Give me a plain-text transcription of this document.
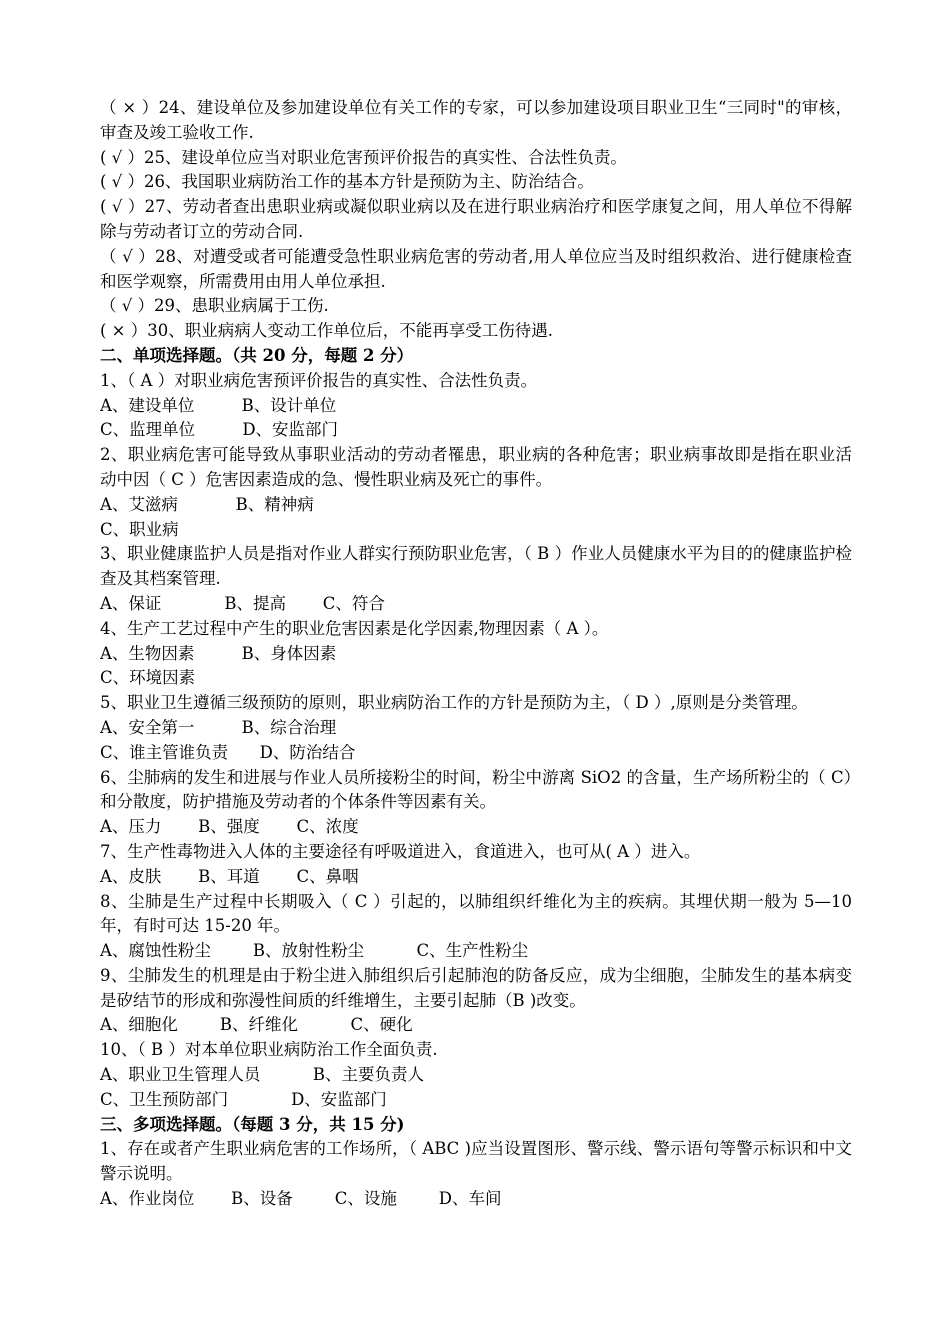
（ × ）24、建设单位及参加建设单位有关工作的专家，可以参加建设项目职业卫生“三同时"的审核，审查及竣工验收工作.
( √ ）25、建设单位应当对职业危害预评价报告的真实性、合法性负责。
( √ ）26、我国职业病防治工作的基本方针是预防为主、防治结合。
( √ ）27、劳动者查出患职业病或凝似职业病以及在进行职业病治疗和医学康复之间，用人单位不得解除与劳动者订立的劳动合同.
（ √ ）28、对遭受或者可能遭受急性职业病危害的劳动者,用人单位应当及时组织救治、进行健康检查和医学观察，所需费用由用人单位承担.
（ √ ）29、患职业病属于工伤.
( × ）30、职业病病人变动工作单位后，不能再享受工伤待遇.
二、单项选择题。（共 20 分，每题 2 分）
1、（ A ）对职业病危害预评价报告的真实性、合法性负责。
A、建设单位         B、设计单位
C、监理单位         D、安监部门
2、职业病危害可能导致从事职业活动的劳动者罹患，职业病的各种危害；职业病事故即是指在职业活动中因（ C ）危害因素造成的急、慢性职业病及死亡的事件。
A、艾滋病           B、精神病
C、职业病
3、职业健康监护人员是指对作业人群实行预防职业危害，（ B ）作业人员健康水平为目的的健康监护检查及其档案管理.
A、保证            B、提高       C、符合
4、生产工艺过程中产生的职业危害因素是化学因素,物理因素（ A ）。
A、生物因素         B、身体因素
C、环境因素
5、职业卫生遵循三级预防的原则，职业病防治工作的方针是预防为主，（ D ）,原则是分类管理。
A、安全第一         B、综合治理
C、谁主管谁负责      D、防治结合
6、尘肺病的发生和进展与作业人员所接粉尘的时间，粉尘中游离 SiO2 的含量，生产场所粉尘的（ C）和分散度，防护措施及劳动者的个体条件等因素有关。
A、压力       B、强度       C、浓度
7、生产性毒物进入人体的主要途径有呼吸道进入，食道进入，也可从( A ）进入。
A、皮肤       B、耳道       C、鼻咽
8、尘肺是生产过程中长期吸入（ C ）引起的，以肺组织纤维化为主的疾病。其埋伏期一般为 5—10 年，有时可达 15-20 年。
A、腐蚀性粉尘        B、放射性粉尘          C、生产性粉尘
9、尘肺发生的机理是由于粉尘进入肺组织后引起肺泡的防备反应，成为尘细胞，尘肺发生的基本病变是矽结节的形成和弥漫性间质的纤维增生，主要引起肺（B )改变。
A、细胞化        B、纤维化          C、硬化
10、（ B ）对本单位职业病防治工作全面负责.
A、职业卫生管理人员          B、主要负责人
C、卫生预防部门            D、安监部门
三、多项选择题。（每题 3 分，共 15 分)
1、存在或者产生职业病危害的工作场所，（ ABC )应当设置图形、警示线、警示语句等警示标识和中文警示说明。
A、作业岗位       B、设备        C、设施        D、车间
